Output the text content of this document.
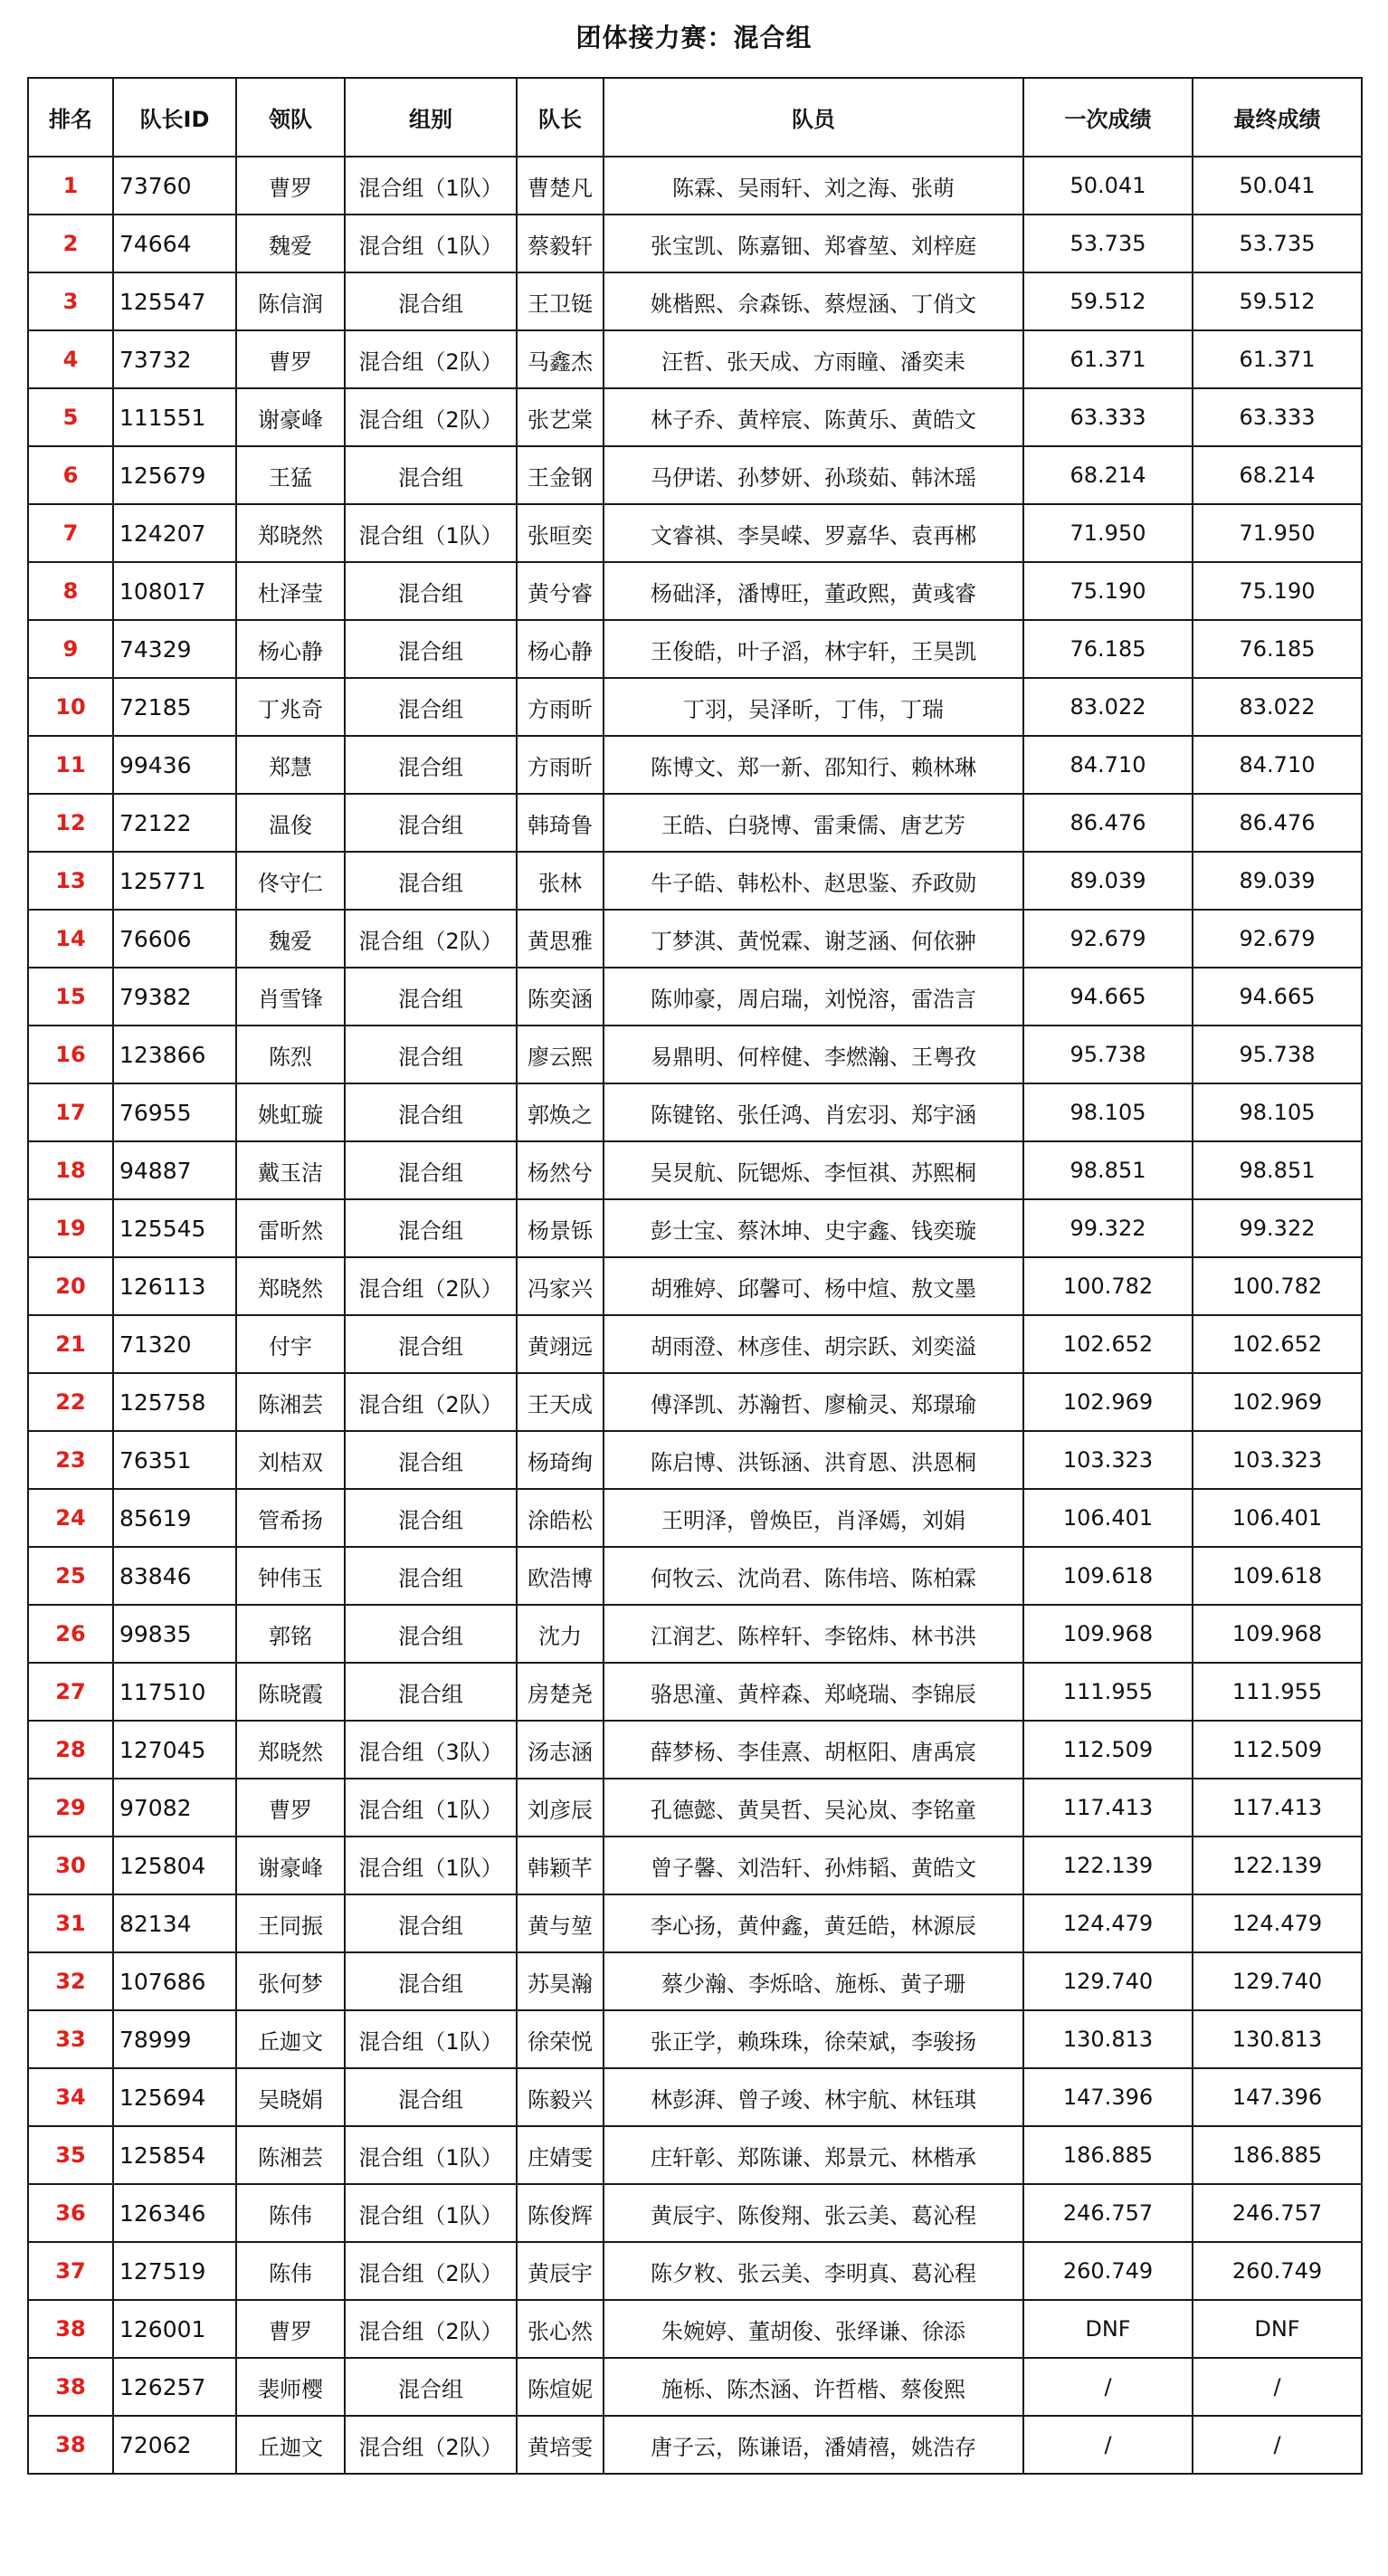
团体接力赛：混合组
排名	队长ID	领队	组别	队长	队员	一次成绩	最终成绩
1	73760	曹罗	混合组（1队）	曹楚凡	陈霖、吴雨轩、刘之海、张萌	50.041	50.041
2	74664	魏爱	混合组（1队）	蔡毅轩	张宝凯、陈嘉钿、郑睿堃、刘梓庭	53.735	53.735
3	125547	陈信润	混合组	王卫铤	姚楷熙、佘森铄、蔡煜涵、丁俏文	59.512	59.512
4	73732	曹罗	混合组（2队）	马鑫杰	汪哲、张天成、方雨瞳、潘奕耒	61.371	61.371
5	111551	谢豪峰	混合组（2队）	张艺棠	林子乔、黄梓宸、陈黄乐、黄皓文	63.333	63.333
6	125679	王猛	混合组	王金钢	马伊诺、孙梦妍、孙琰茹、韩沐瑶	68.214	68.214
7	124207	郑晓然	混合组（1队）	张晅奕	文睿祺、李昊嵘、罗嘉华、袁再郴	71.950	71.950
8	108017	杜泽莹	混合组	黄兮睿	杨础泽，潘博旺，董政熙，黄彧睿	75.190	75.190
9	74329	杨心静	混合组	杨心静	王俊皓，叶子滔，林宇轩，王昊凯	76.185	76.185
10	72185	丁兆奇	混合组	方雨昕	丁羽，吴泽昕，丁伟，丁瑞	83.022	83.022
11	99436	郑慧	混合组	方雨昕	陈博文、郑一新、邵知行、赖林琳	84.710	84.710
12	72122	温俊	混合组	韩琦鲁	王皓、白骁博、雷秉儒、唐艺芳	86.476	86.476
13	125771	佟守仁	混合组	张林	牛子皓、韩松朴、赵思鉴、乔政勋	89.039	89.039
14	76606	魏爱	混合组（2队）	黄思雅	丁梦淇、黄悦霖、谢芝涵、何依翀	92.679	92.679
15	79382	肖雪锋	混合组	陈奕涵	陈帅豪，周启瑞，刘悦溶，雷浩言	94.665	94.665
16	123866	陈烈	混合组	廖云熙	易鼎明、何梓健、李燃瀚、王粤孜	95.738	95.738
17	76955	姚虹璇	混合组	郭焕之	陈键铭、张任鸿、肖宏羽、郑宇涵	98.105	98.105
18	94887	戴玉洁	混合组	杨然兮	吴炅航、阮锶烁、李恒祺、苏熙桐	98.851	98.851
19	125545	雷昕然	混合组	杨景铄	彭士宝、蔡沐坤、史宇鑫、钱奕璇	99.322	99.322
20	126113	郑晓然	混合组（2队）	冯家兴	胡雅婷、邱馨可、杨中煊、敖文墨	100.782	100.782
21	71320	付宇	混合组	黄翊远	胡雨澄、林彦佳、胡宗跃、刘奕溢	102.652	102.652
22	125758	陈湘芸	混合组（2队）	王天成	傅泽凯、苏瀚哲、廖榆灵、郑璟瑜	102.969	102.969
23	76351	刘桔双	混合组	杨琦绚	陈启博、洪铄涵、洪育恩、洪恩桐	103.323	103.323
24	85619	管希扬	混合组	涂皓松	王明泽，曾焕臣，肖泽嫣，刘娟	106.401	106.401
25	83846	钟伟玉	混合组	欧浩博	何牧云、沈尚君、陈伟培、陈柏霖	109.618	109.618
26	99835	郭铭	混合组	沈力	江润艺、陈梓轩、李铭炜、林书洪	109.968	109.968
27	117510	陈晓霞	混合组	房楚尧	骆思潼、黄梓森、郑峣瑞、李锦辰	111.955	111.955
28	127045	郑晓然	混合组（3队）	汤志涵	薛梦杨、李佳熹、胡枢阳、唐禹宸	112.509	112.509
29	97082	曹罗	混合组（1队）	刘彦辰	孔德懿、黄昊哲、吴沁岚、李铭童	117.413	117.413
30	125804	谢豪峰	混合组（1队）	韩颖芊	曾子馨、刘浩轩、孙炜韬、黄皓文	122.139	122.139
31	82134	王同振	混合组	黄与堃	李心扬，黄仲鑫，黄廷皓，林源辰	124.479	124.479
32	107686	张何梦	混合组	苏昊瀚	蔡少瀚、李烁晗、施栎、黄子珊	129.740	129.740
33	78999	丘迦文	混合组（1队）	徐荣悦	张正学，赖珠珠，徐荣斌，李骏扬	130.813	130.813
34	125694	吴晓娟	混合组	陈毅兴	林彭湃、曾子竣、林宇航、林钰琪	147.396	147.396
35	125854	陈湘芸	混合组（1队）	庄婧雯	庄轩彰、郑陈谦、郑景元、林楷承	186.885	186.885
36	126346	陈伟	混合组（1队）	陈俊辉	黄辰宇、陈俊翔、张云美、葛沁程	246.757	246.757
37	127519	陈伟	混合组（2队）	黄辰宇	陈夕敉、张云美、李明真、葛沁程	260.749	260.749
38	126001	曹罗	混合组（2队）	张心然	朱婉婷、董胡俊、张绎谦、徐添	DNF	DNF
38	126257	裴师樱	混合组	陈煊妮	施栎、陈杰涵、许哲楷、蔡俊熙	/	/
38	72062	丘迦文	混合组（2队）	黄培雯	唐子云，陈谦语，潘婧禧，姚浩存	/	/
